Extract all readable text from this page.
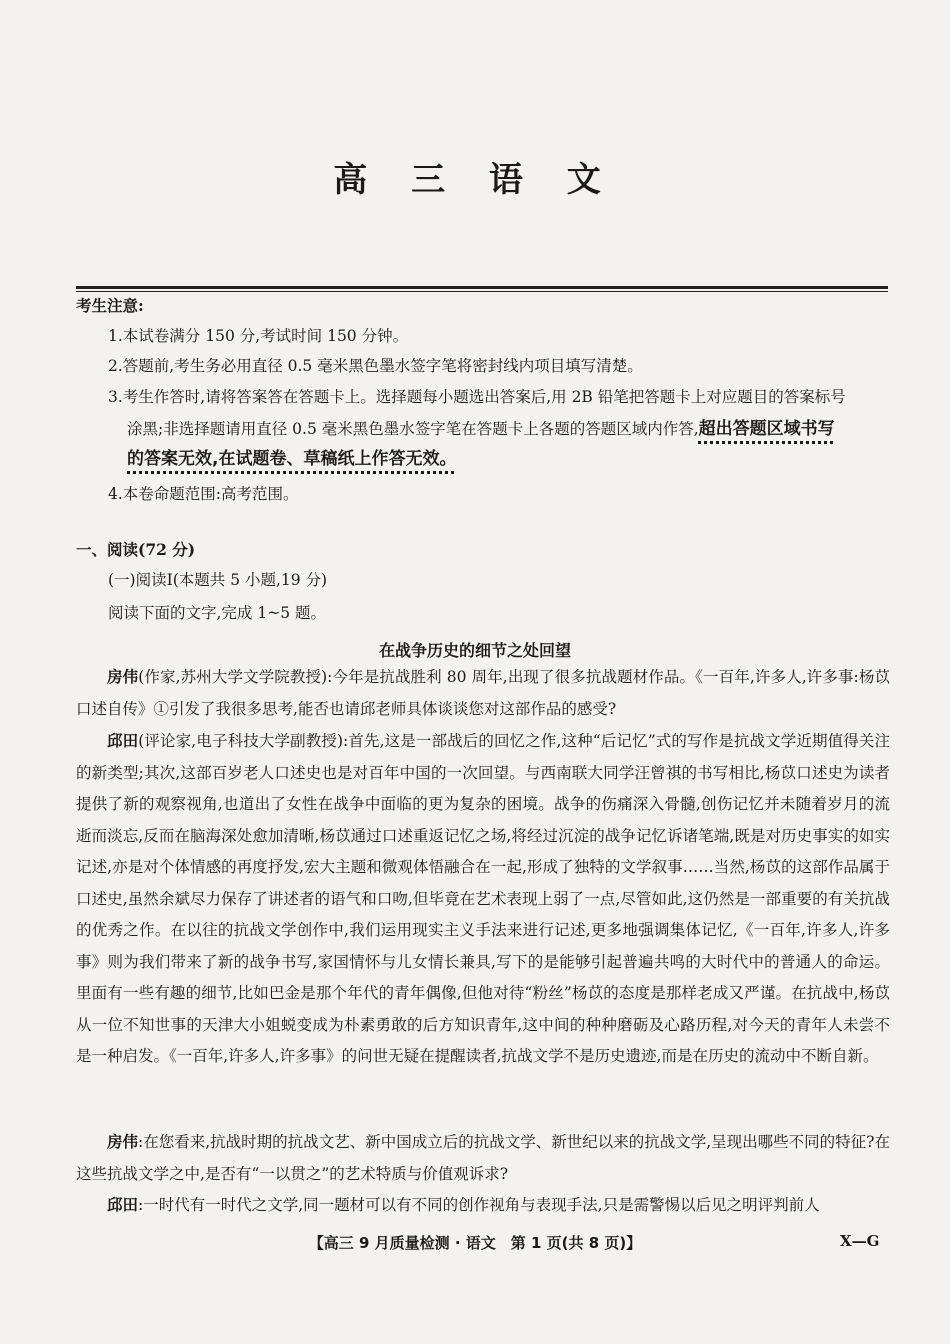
高 三 语 文
考生注意:
1.本试卷满分 150 分,考试时间 150 分钟。
2.答题前,考生务必用直径 0.5 毫米黑色墨水签字笔将密封线内项目填写清楚。
3.考生作答时,请将答案答在答题卡上。选择题每小题选出答案后,用 2B 铅笔把答题卡上对应题目的答案标号
涂黑;非选择题请用直径 0.5 毫米黑色墨水签字笔在答题卡上各题的答题区域内作答,超出答题区域书写
的答案无效,在试题卷、草稿纸上作答无效。
4.本卷命题范围:高考范围。
一、阅读(72 分)
(一)阅读Ⅰ(本题共 5 小题,19 分)
阅读下面的文字,完成 1~5 题。
在战争历史的细节之处回望
房伟(作家,苏州大学文学院教授):今年是抗战胜利 80 周年,出现了很多抗战题材作品。《一百年,许多人,许多事:杨苡口述自传》①引发了我很多思考,能否也请邱老师具体谈谈您对这部作品的感受?
邱田(评论家,电子科技大学副教授):首先,这是一部战后的回忆之作,这种“后记忆”式的写作是抗战文学近期值得关注的新类型;其次,这部百岁老人口述史也是对百年中国的一次回望。与西南联大同学汪曾祺的书写相比,杨苡口述史为读者提供了新的观察视角,也道出了女性在战争中面临的更为复杂的困境。战争的伤痛深入骨髓,创伤记忆并未随着岁月的流逝而淡忘,反而在脑海深处愈加清晰,杨苡通过口述重返记忆之场,将经过沉淀的战争记忆诉诸笔端,既是对历史事实的如实记述,亦是对个体情感的再度抒发,宏大主题和微观体悟融合在一起,形成了独特的文学叙事……当然,杨苡的这部作品属于口述史,虽然余斌尽力保存了讲述者的语气和口吻,但毕竟在艺术表现上弱了一点,尽管如此,这仍然是一部重要的有关抗战的优秀之作。在以往的抗战文学创作中,我们运用现实主义手法来进行记述,更多地强调集体记忆,《一百年,许多人,许多事》则为我们带来了新的战争书写,家国情怀与儿女情长兼具,写下的是能够引起普遍共鸣的大时代中的普通人的命运。里面有一些有趣的细节,比如巴金是那个年代的青年偶像,但他对待“粉丝”杨苡的态度是那样老成又严谨。在抗战中,杨苡从一位不知世事的天津大小姐蜕变成为朴素勇敢的后方知识青年,这中间的种种磨砺及心路历程,对今天的青年人未尝不是一种启发。《一百年,许多人,许多事》的问世无疑在提醒读者,抗战文学不是历史遗迹,而是在历史的流动中不断自新。
房伟:在您看来,抗战时期的抗战文艺、新中国成立后的抗战文学、新世纪以来的抗战文学,呈现出哪些不同的特征?在这些抗战文学之中,是否有“一以贯之”的艺术特质与价值观诉求?
邱田:一时代有一时代之文学,同一题材可以有不同的创作视角与表现手法,只是需警惕以后见之明评判前人
【高三 9 月质量检测 · 语文　第 1 页(共 8 页)】	X—G
